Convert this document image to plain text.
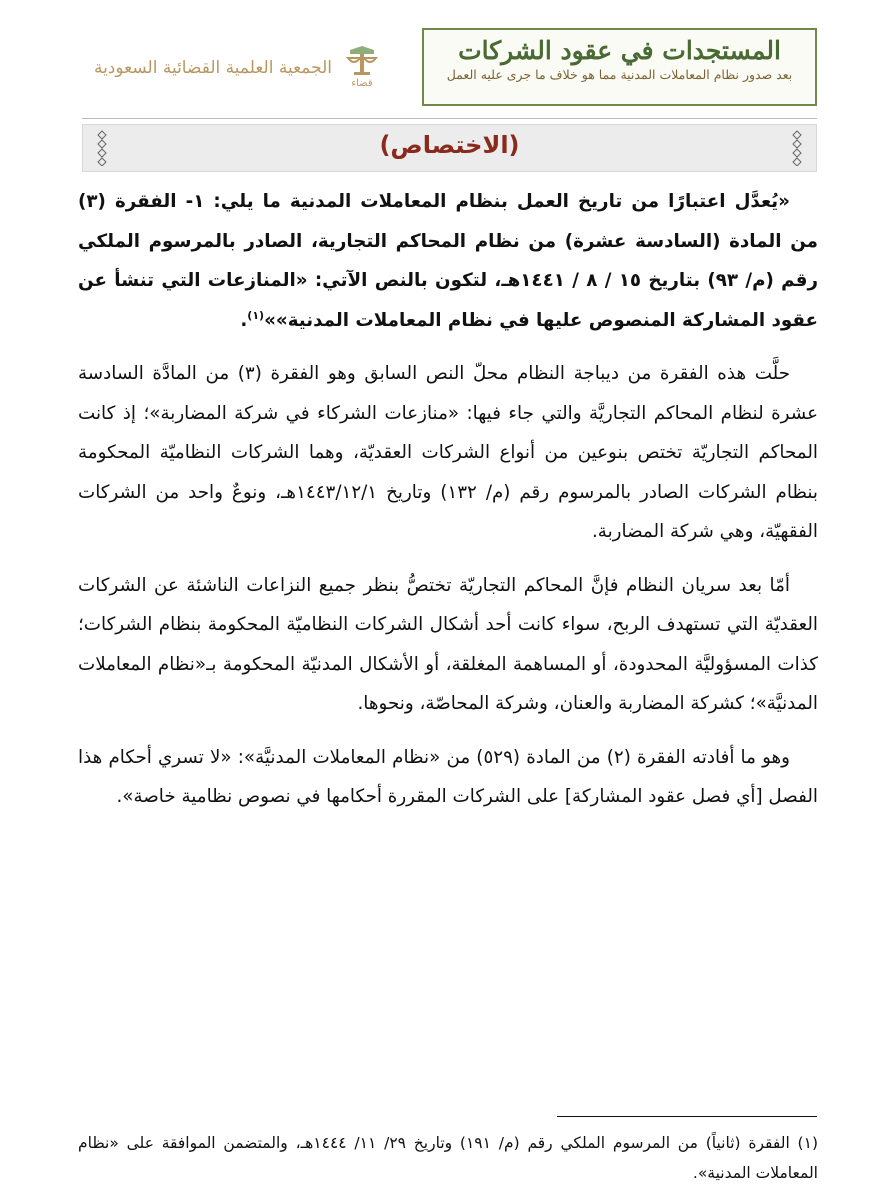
المستجدات في عقود الشركات
بعد صدور نظام المعاملات المدنية مما هو خلاف ما جرى عليه العمل
قضاء
الجمعية العلمية القضائية السعودية
(الاختصاص)

«يُعدَّل اعتبارًا من تاريخ العمل بنظام المعاملات المدنية ما يلي: ١- الفقرة (٣) من المادة (السادسة عشرة) من نظام المحاكم التجارية، الصادر بالمرسوم الملكي رقم (م/ ٩٣) بتاريخ ١٥ / ٨ / ١٤٤١هـ، لتكون بالنص الآتي: «المنازعات التي تنشأ عن عقود المشاركة المنصوص عليها في نظام المعاملات المدنية»»$^{(١)}$.

حلَّت هذه الفقرة من ديباجة النظام محلّ النص السابق وهو الفقرة (٣) من المادَّة السادسة عشرة لنظام المحاكم التجاريَّة والتي جاء فيها: «منازعات الشركاء في شركة المضاربة»؛ إذ كانت المحاكم التجاريّة تختص بنوعين من أنواع الشركات العقديّة، وهما الشركات النظاميّة المحكومة بنظام الشركات الصادر بالمرسوم رقم (م/ ١٣٢) وتاريخ ١٤٤٣/١٢/١هـ، ونوعٌ واحد من الشركات الفقهيّة، وهي شركة المضاربة.

أمّا بعد سريان النظام فإنَّ المحاكم التجاريّة تختصُّ بنظر جميع النزاعات الناشئة عن الشركات العقديّة التي تستهدف الربح، سواء كانت أحد أشكال الشركات النظاميّة المحكومة بنظام الشركات؛ كذات المسؤوليَّة المحدودة، أو المساهمة المغلقة، أو الأشكال المدنيّة المحكومة بـ«نظام المعاملات المدنيَّة»؛ كشركة المضاربة والعنان، وشركة المحاصّة، ونحوها.

وهو ما أفادته الفقرة (٢) من المادة (٥٢٩) من «نظام المعاملات المدنيَّة»: «لا تسري أحكام هذا الفصل [أي فصل عقود المشاركة] على الشركات المقررة أحكامها في نصوص نظامية خاصة».

(١) الفقرة (ثانياً) من المرسوم الملكي رقم (م/ ١٩١) وتاريخ ٢٩/ ١١/ ١٤٤٤هـ، والمتضمن الموافقة على «نظام المعاملات المدنية».
